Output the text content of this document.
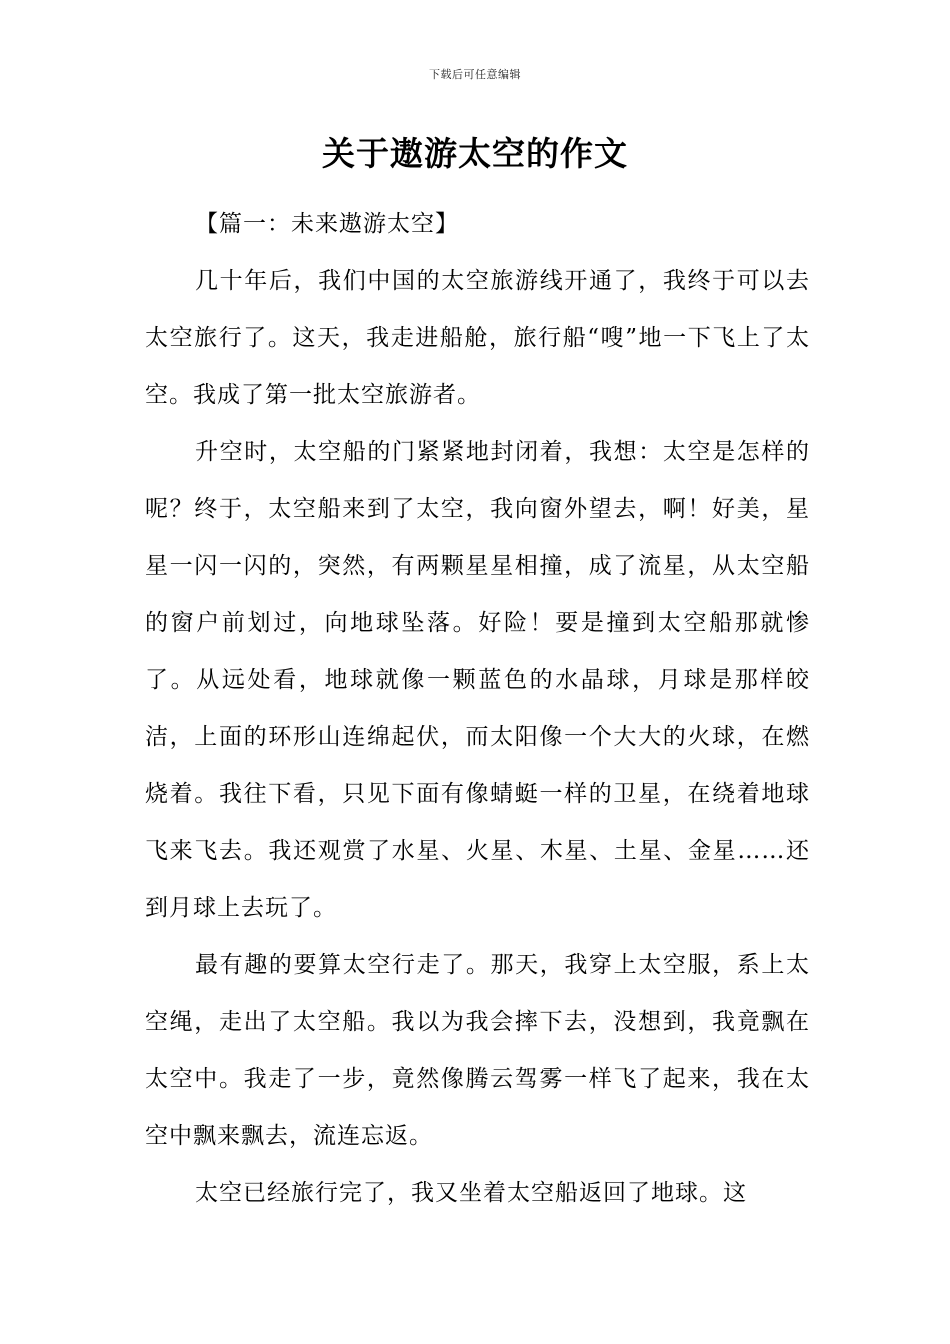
下载后可任意编辑
关于遨游太空的作文

【篇一：未来遨游太空】

几十年后，我们中国的太空旅游线开通了，我终于可以去太空旅行了。这天，我走进船舱，旅行船“嗖”地一下飞上了太空。我成了第一批太空旅游者。

升空时，太空船的门紧紧地封闭着，我想：太空是怎样的呢？终于，太空船来到了太空，我向窗外望去，啊！好美，星星一闪一闪的，突然，有两颗星星相撞，成了流星，从太空船的窗户前划过，向地球坠落。好险！要是撞到太空船那就惨了。从远处看，地球就像一颗蓝色的水晶球，月球是那样皎洁，上面的环形山连绵起伏，而太阳像一个大大的火球，在燃烧着。我往下看，只见下面有像蜻蜓一样的卫星，在绕着地球飞来飞去。我还观赏了水星、火星、木星、土星、金星……还到月球上去玩了。

最有趣的要算太空行走了。那天，我穿上太空服，系上太空绳，走出了太空船。我以为我会摔下去，没想到，我竟飘在太空中。我走了一步，竟然像腾云驾雾一样飞了起来，我在太空中飘来飘去，流连忘返。

太空已经旅行完了，我又坐着太空船返回了地球。这
